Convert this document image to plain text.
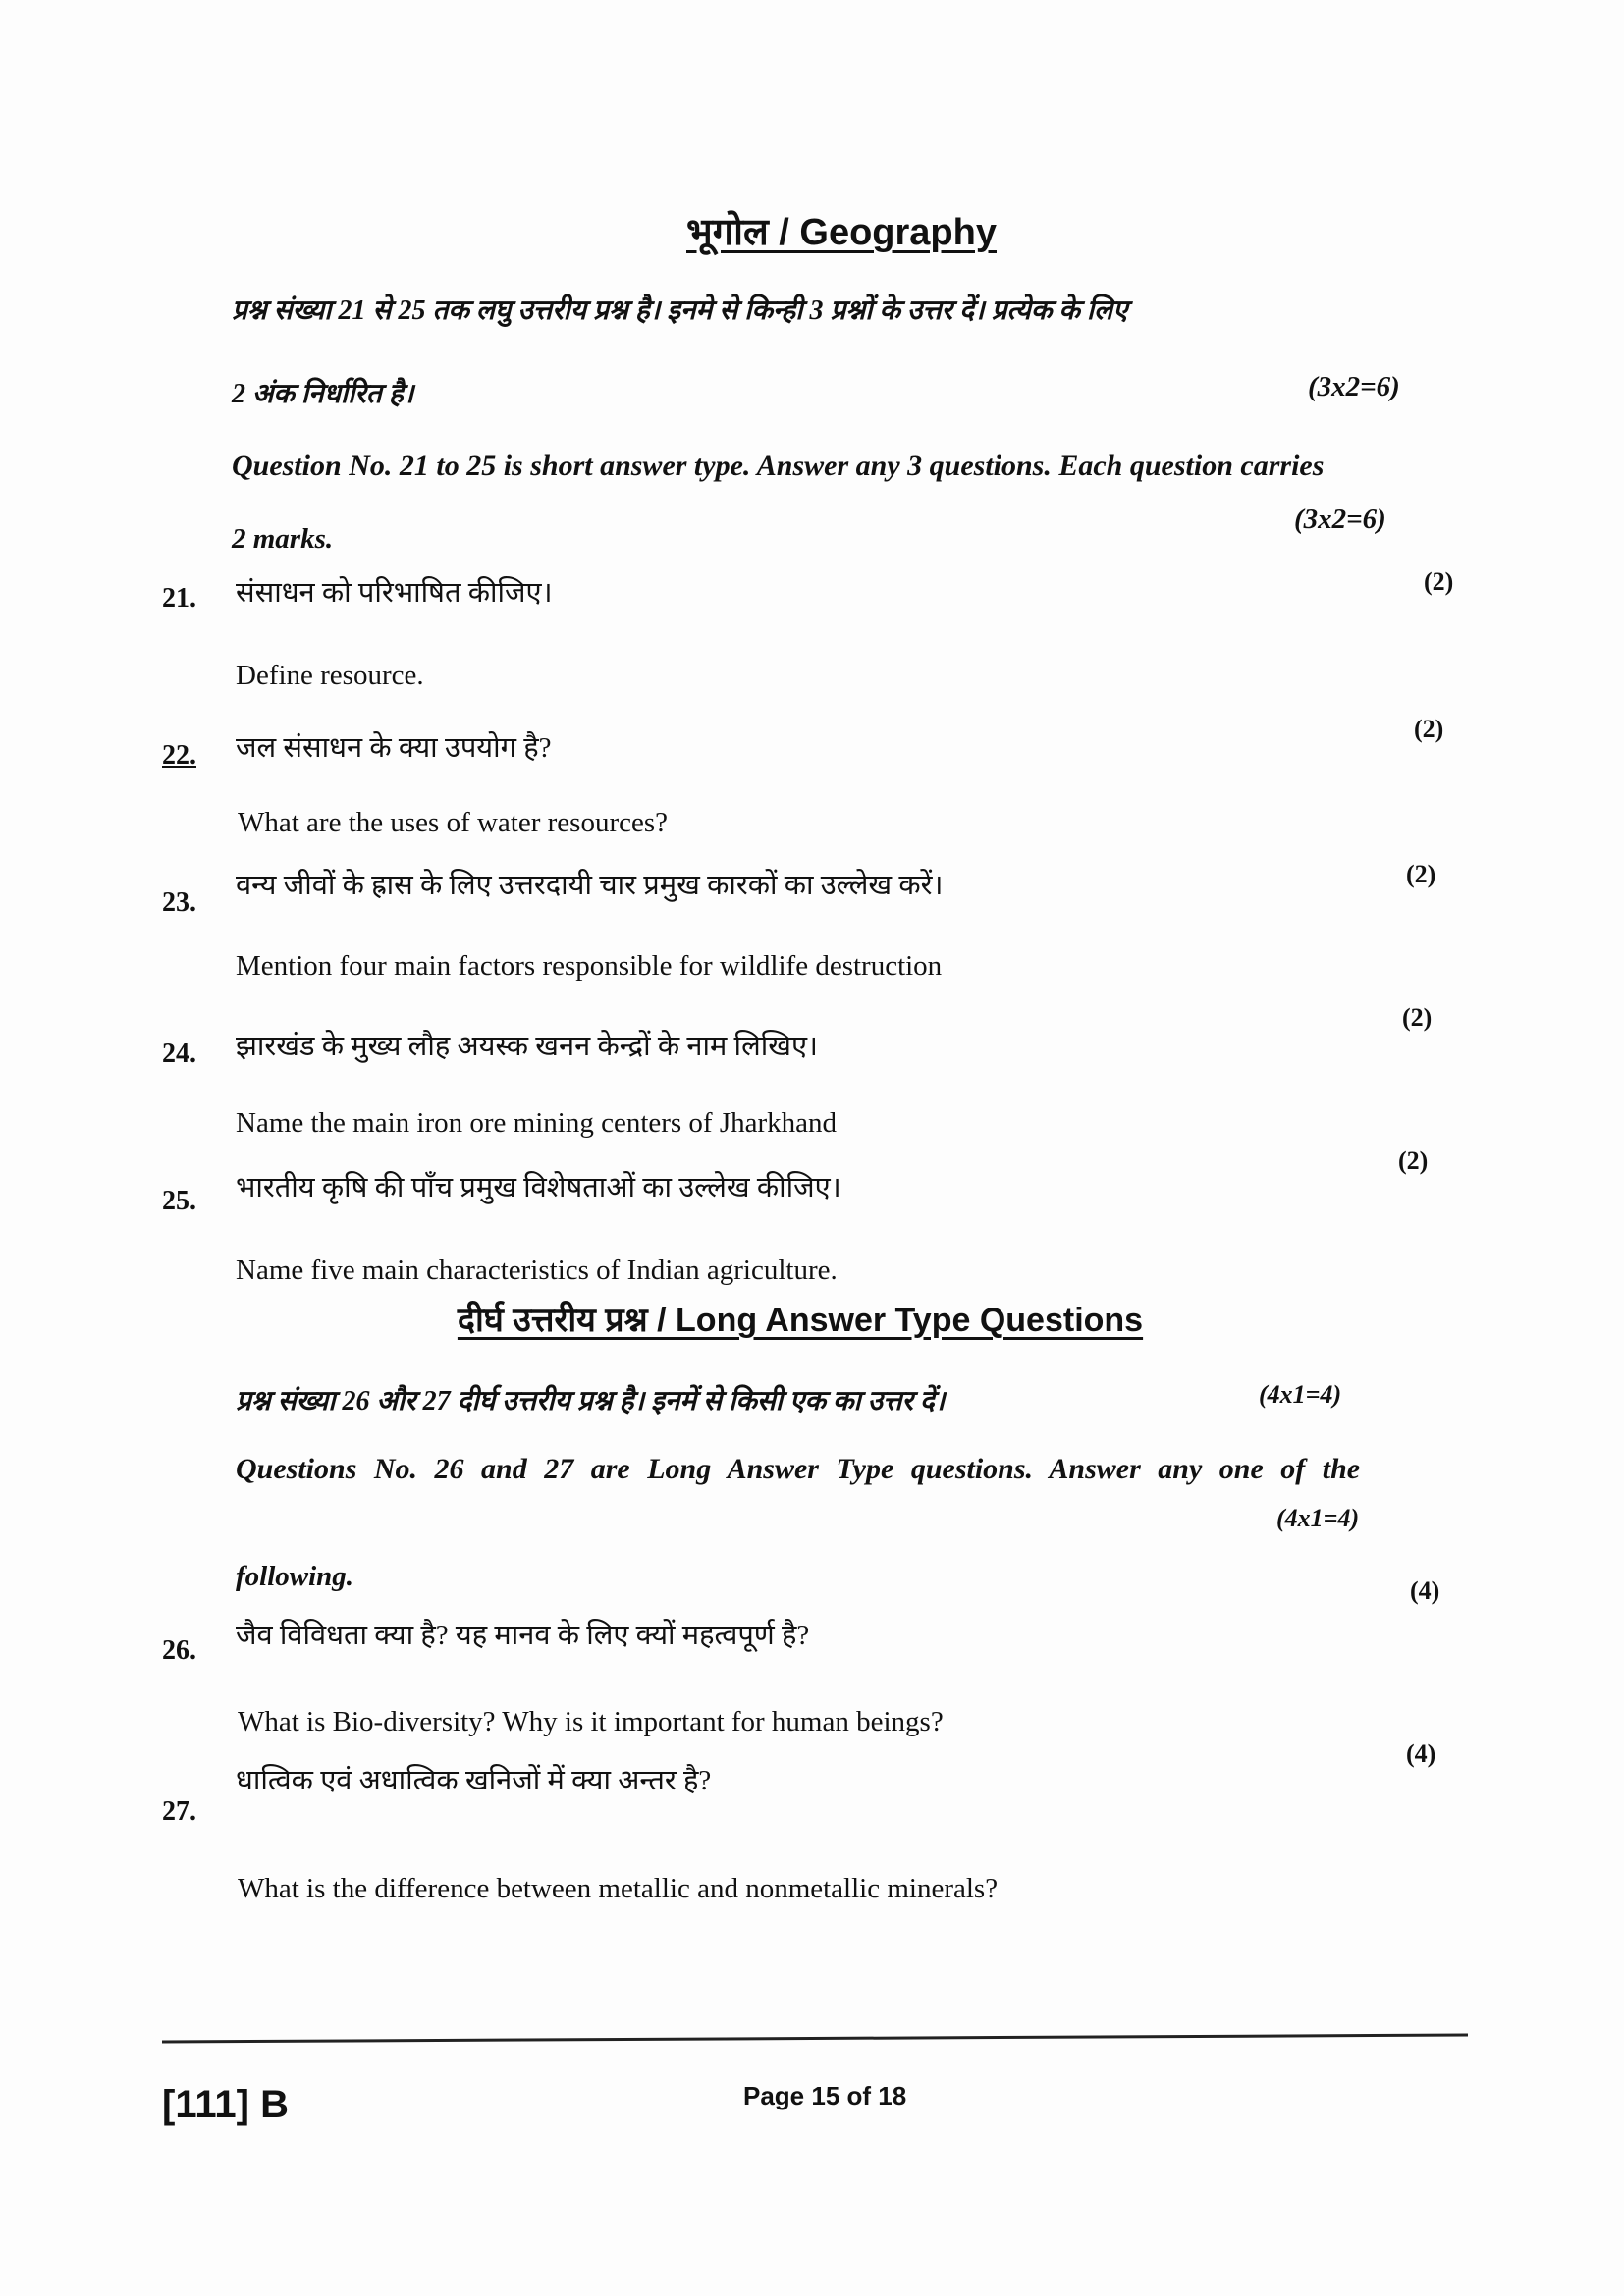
भूगोल / Geography
प्रश्न संख्या 21 से 25 तक लघु उत्तरीय प्रश्न है। इनमे से किन्ही 3 प्रश्नों के उत्तर दें। प्रत्येक के लिए
2 अंक निर्धारित है।	(3x2=6)
Question No. 21 to 25 is short answer type. Answer any 3 questions. Each question carries
2 marks.
(3x2=6)
21. संसाधन को परिभाषित कीजिए।	(2)
Define resource.
22. जल संसाधन के क्या उपयोग है?
(2)
What are the uses of water resources?
23.
वन्य जीवों के ह्रास के लिए उत्तरदायी चार प्रमुख कारकों का उल्लेख करें।	(2)
Mention four main factors responsible for wildlife destruction
24. झारखंड के मुख्य लौह अयस्क खनन केन्द्रों के नाम लिखिए।
(2)
Name the main iron ore mining centers of Jharkhand
25. भारतीय कृषि की पाँच प्रमुख विशेषताओं का उल्लेख कीजिए।
(2)
Name five main characteristics of Indian agriculture.
दीर्घ उत्तरीय प्रश्न / Long Answer Type Questions
प्रश्न संख्या 26 और 27 दीर्घ उत्तरीय प्रश्न है। इनमें से किसी एक का उत्तर दें।	(4x1=4)
Questions No. 26 and 27 are Long Answer Type questions. Answer any one of the
(4x1=4)
following.	(4)
26. जैव विविधता क्या है? यह मानव के लिए क्यों महत्वपूर्ण है?
What is Bio-diversity? Why is it important for human beings?
(4)
27.
धात्विक एवं अधात्विक खनिजों में क्या अन्तर है?
What is the difference between metallic and nonmetallic minerals?
[111] B	Page 15 of 18
